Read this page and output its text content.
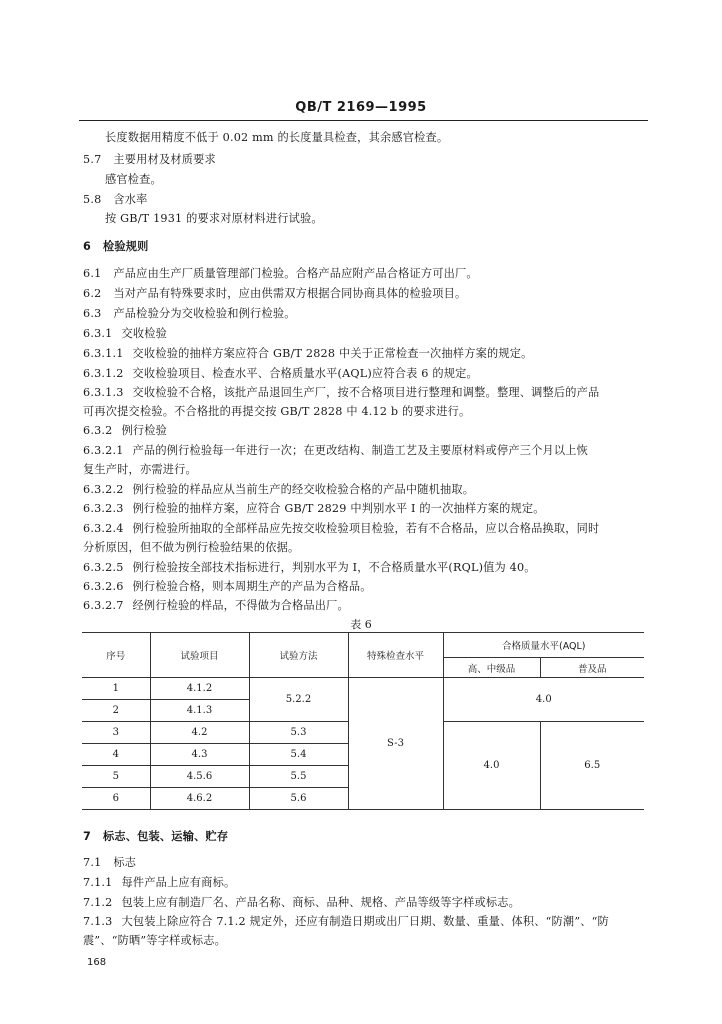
QB/T 2169—1995
长度数据用精度不低于 0.02 mm 的长度量具检查，其余感官检查。
5.7 主要用材及材质要求
感官检查。
5.8 含水率
按 GB/T 1931 的要求对原材料进行试验。
6 检验规则
6.1 产品应由生产厂质量管理部门检验。合格产品应附产品合格证方可出厂。
6.2 当对产品有特殊要求时，应由供需双方根据合同协商具体的检验项目。
6.3 产品检验分为交收检验和例行检验。
6.3.1 交收检验
6.3.1.1 交收检验的抽样方案应符合 GB/T 2828 中关于正常检查一次抽样方案的规定。
6.3.1.2 交收检验项目、检查水平、合格质量水平(AQL)应符合表 6 的规定。
6.3.1.3 交收检验不合格，该批产品退回生产厂，按不合格项目进行整理和调整。整理、调整后的产品
可再次提交检验。不合格批的再提交按 GB/T 2828 中 4.12 b 的要求进行。
6.3.2 例行检验
6.3.2.1 产品的例行检验每一年进行一次；在更改结构、制造工艺及主要原材料或停产三个月以上恢
复生产时，亦需进行。
6.3.2.2 例行检验的样品应从当前生产的经交收检验合格的产品中随机抽取。
6.3.2.3 例行检验的抽样方案，应符合 GB/T 2829 中判别水平 I 的一次抽样方案的规定。
6.3.2.4 例行检验所抽取的全部样品应先按交收检验项目检验，若有不合格品，应以合格品换取，同时
分析原因，但不做为例行检验结果的依据。
6.3.2.5 例行检验按全部技术指标进行，判别水平为 I，不合格质量水平(RQL)值为 40。
6.3.2.6 例行检验合格，则本周期生产的产品为合格品。
6.3.2.7 经例行检验的样品，不得做为合格品出厂。
7 标志、包装、运输、贮存
7.1 标志
7.1.1 每件产品上应有商标。
7.1.2 包装上应有制造厂名、产品名称、商标、品种、规格、产品等级等字样或标志。
7.1.3 大包装上除应符合 7.1.2 规定外，还应有制造日期或出厂日期、数量、重量、体积、“防潮”、“防
震”、“防晒”等字样或标志。
表 6
序号	试验项目	试验方法	特殊检查水平	合格质量水平(AQL)	
				高、中级品	普及品
1	4.1.2	5.2.2	S-3	4.0	
2	4.1.3				
3	4.2	5.3		4.0	6.5
4	4.3	5.4			
5	4.5.6	5.5			
6	4.6.2	5.6			
168
